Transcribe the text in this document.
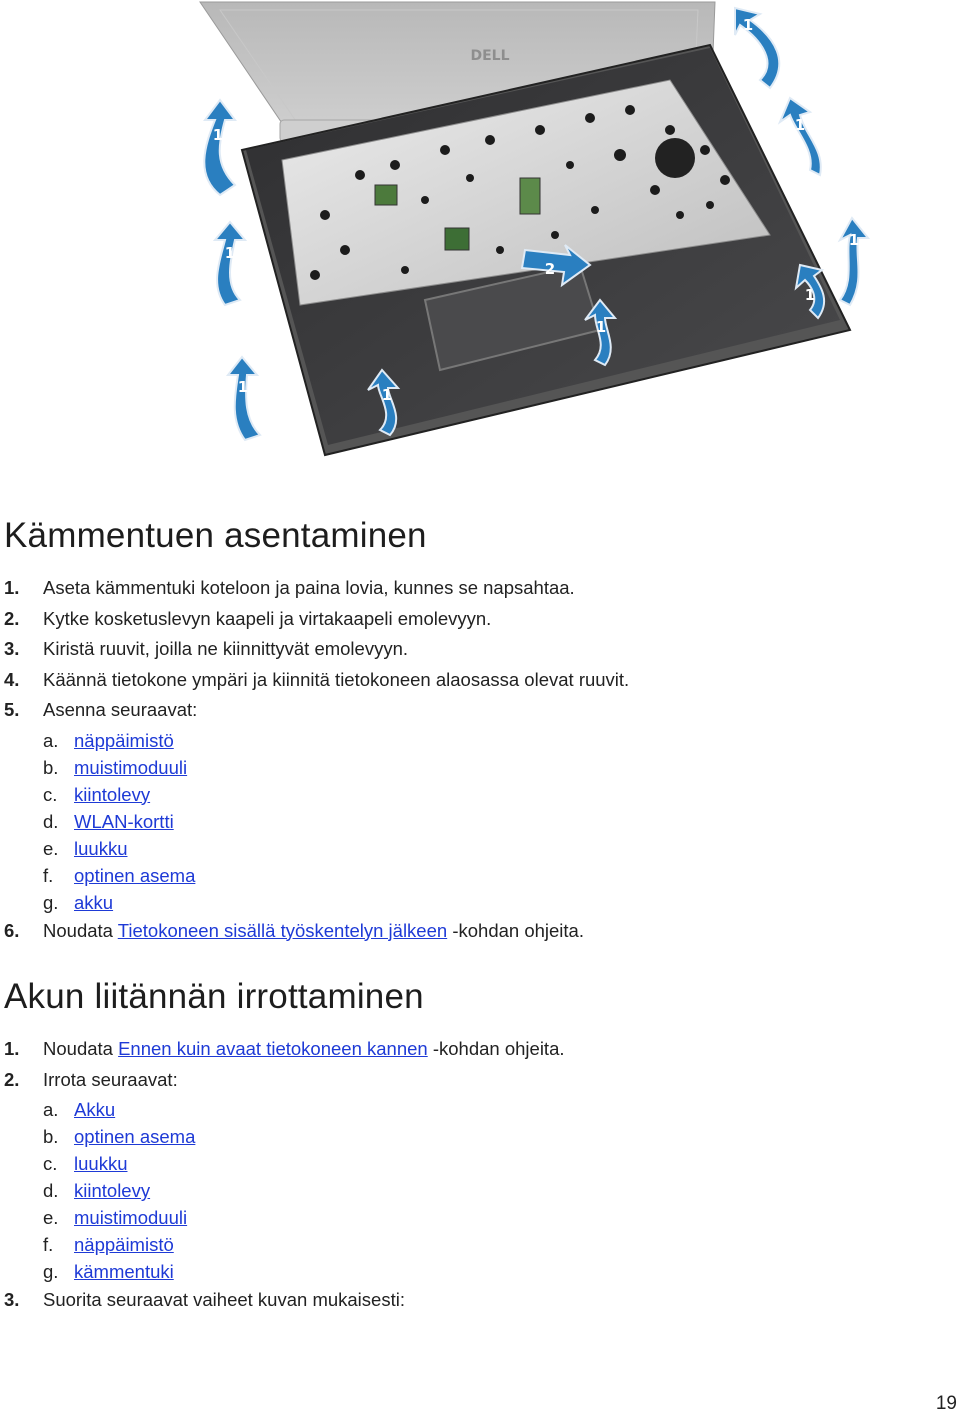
DELL
1
1
1
1
1
1
1
1
1
2
Kämmentuen asentaminen
1. Aseta kämmentuki koteloon ja paina lovia, kunnes se napsahtaa.
2. Kytke kosketuslevyn kaapeli ja virtakaapeli emolevyyn.
3. Kiristä ruuvit, joilla ne kiinnittyvät emolevyyn.
4. Käännä tietokone ympäri ja kiinnitä tietokoneen alaosassa olevat ruuvit.
5. Asenna seuraavat:
a. näppäimistö
b. muistimoduuli
c. kiintolevy
d. WLAN-kortti
e. luukku
f. optinen asema
g. akku
6. Noudata Tietokoneen sisällä työskentelyn jälkeen -kohdan ohjeita.
Akun liitännän irrottaminen
1. Noudata Ennen kuin avaat tietokoneen kannen -kohdan ohjeita.
2. Irrota seuraavat:
a. Akku
b. optinen asema
c. luukku
d. kiintolevy
e. muistimoduuli
f. näppäimistö
g. kämmentuki
3. Suorita seuraavat vaiheet kuvan mukaisesti:
19
